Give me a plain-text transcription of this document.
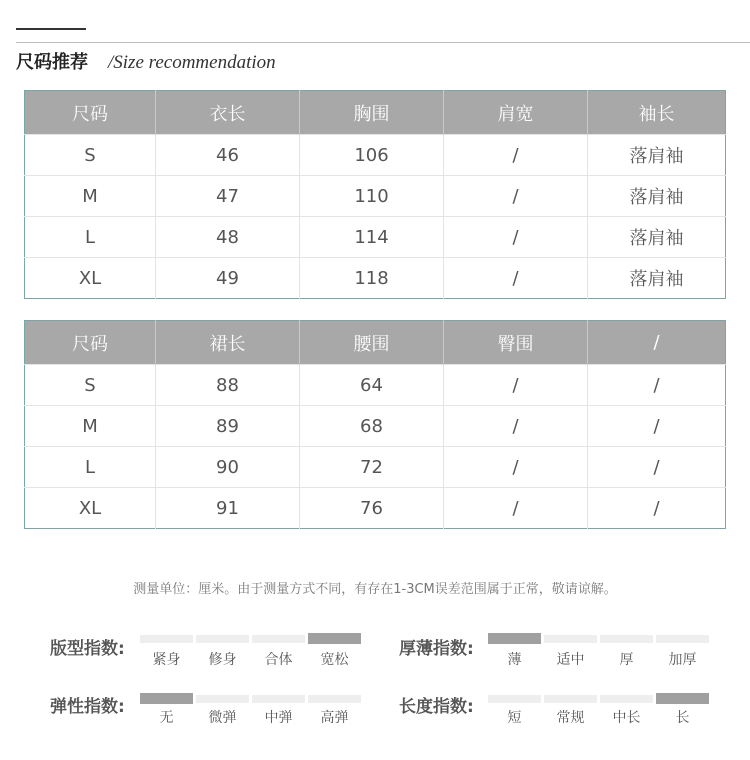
尺码推荐 /Size recommendation
尺码	衣长	胸围	肩宽	袖长
S	46	106	/	落肩袖
M	47	110	/	落肩袖
L	48	114	/	落肩袖
XL	49	118	/	落肩袖
尺码	裙长	腰围	臀围	/
S	88	64	/	/
M	89	68	/	/
L	90	72	/	/
XL	91	76	/	/
测量单位：厘米。由于测量方式不同，有存在1-3CM误差范围属于正常，敬请谅解。
版型指数:
紧身	修身	合体	宽松
厚薄指数:
薄	适中	厚	加厚
弹性指数:
无	微弹	中弹	高弹
长度指数:
短	常规	中长	长
